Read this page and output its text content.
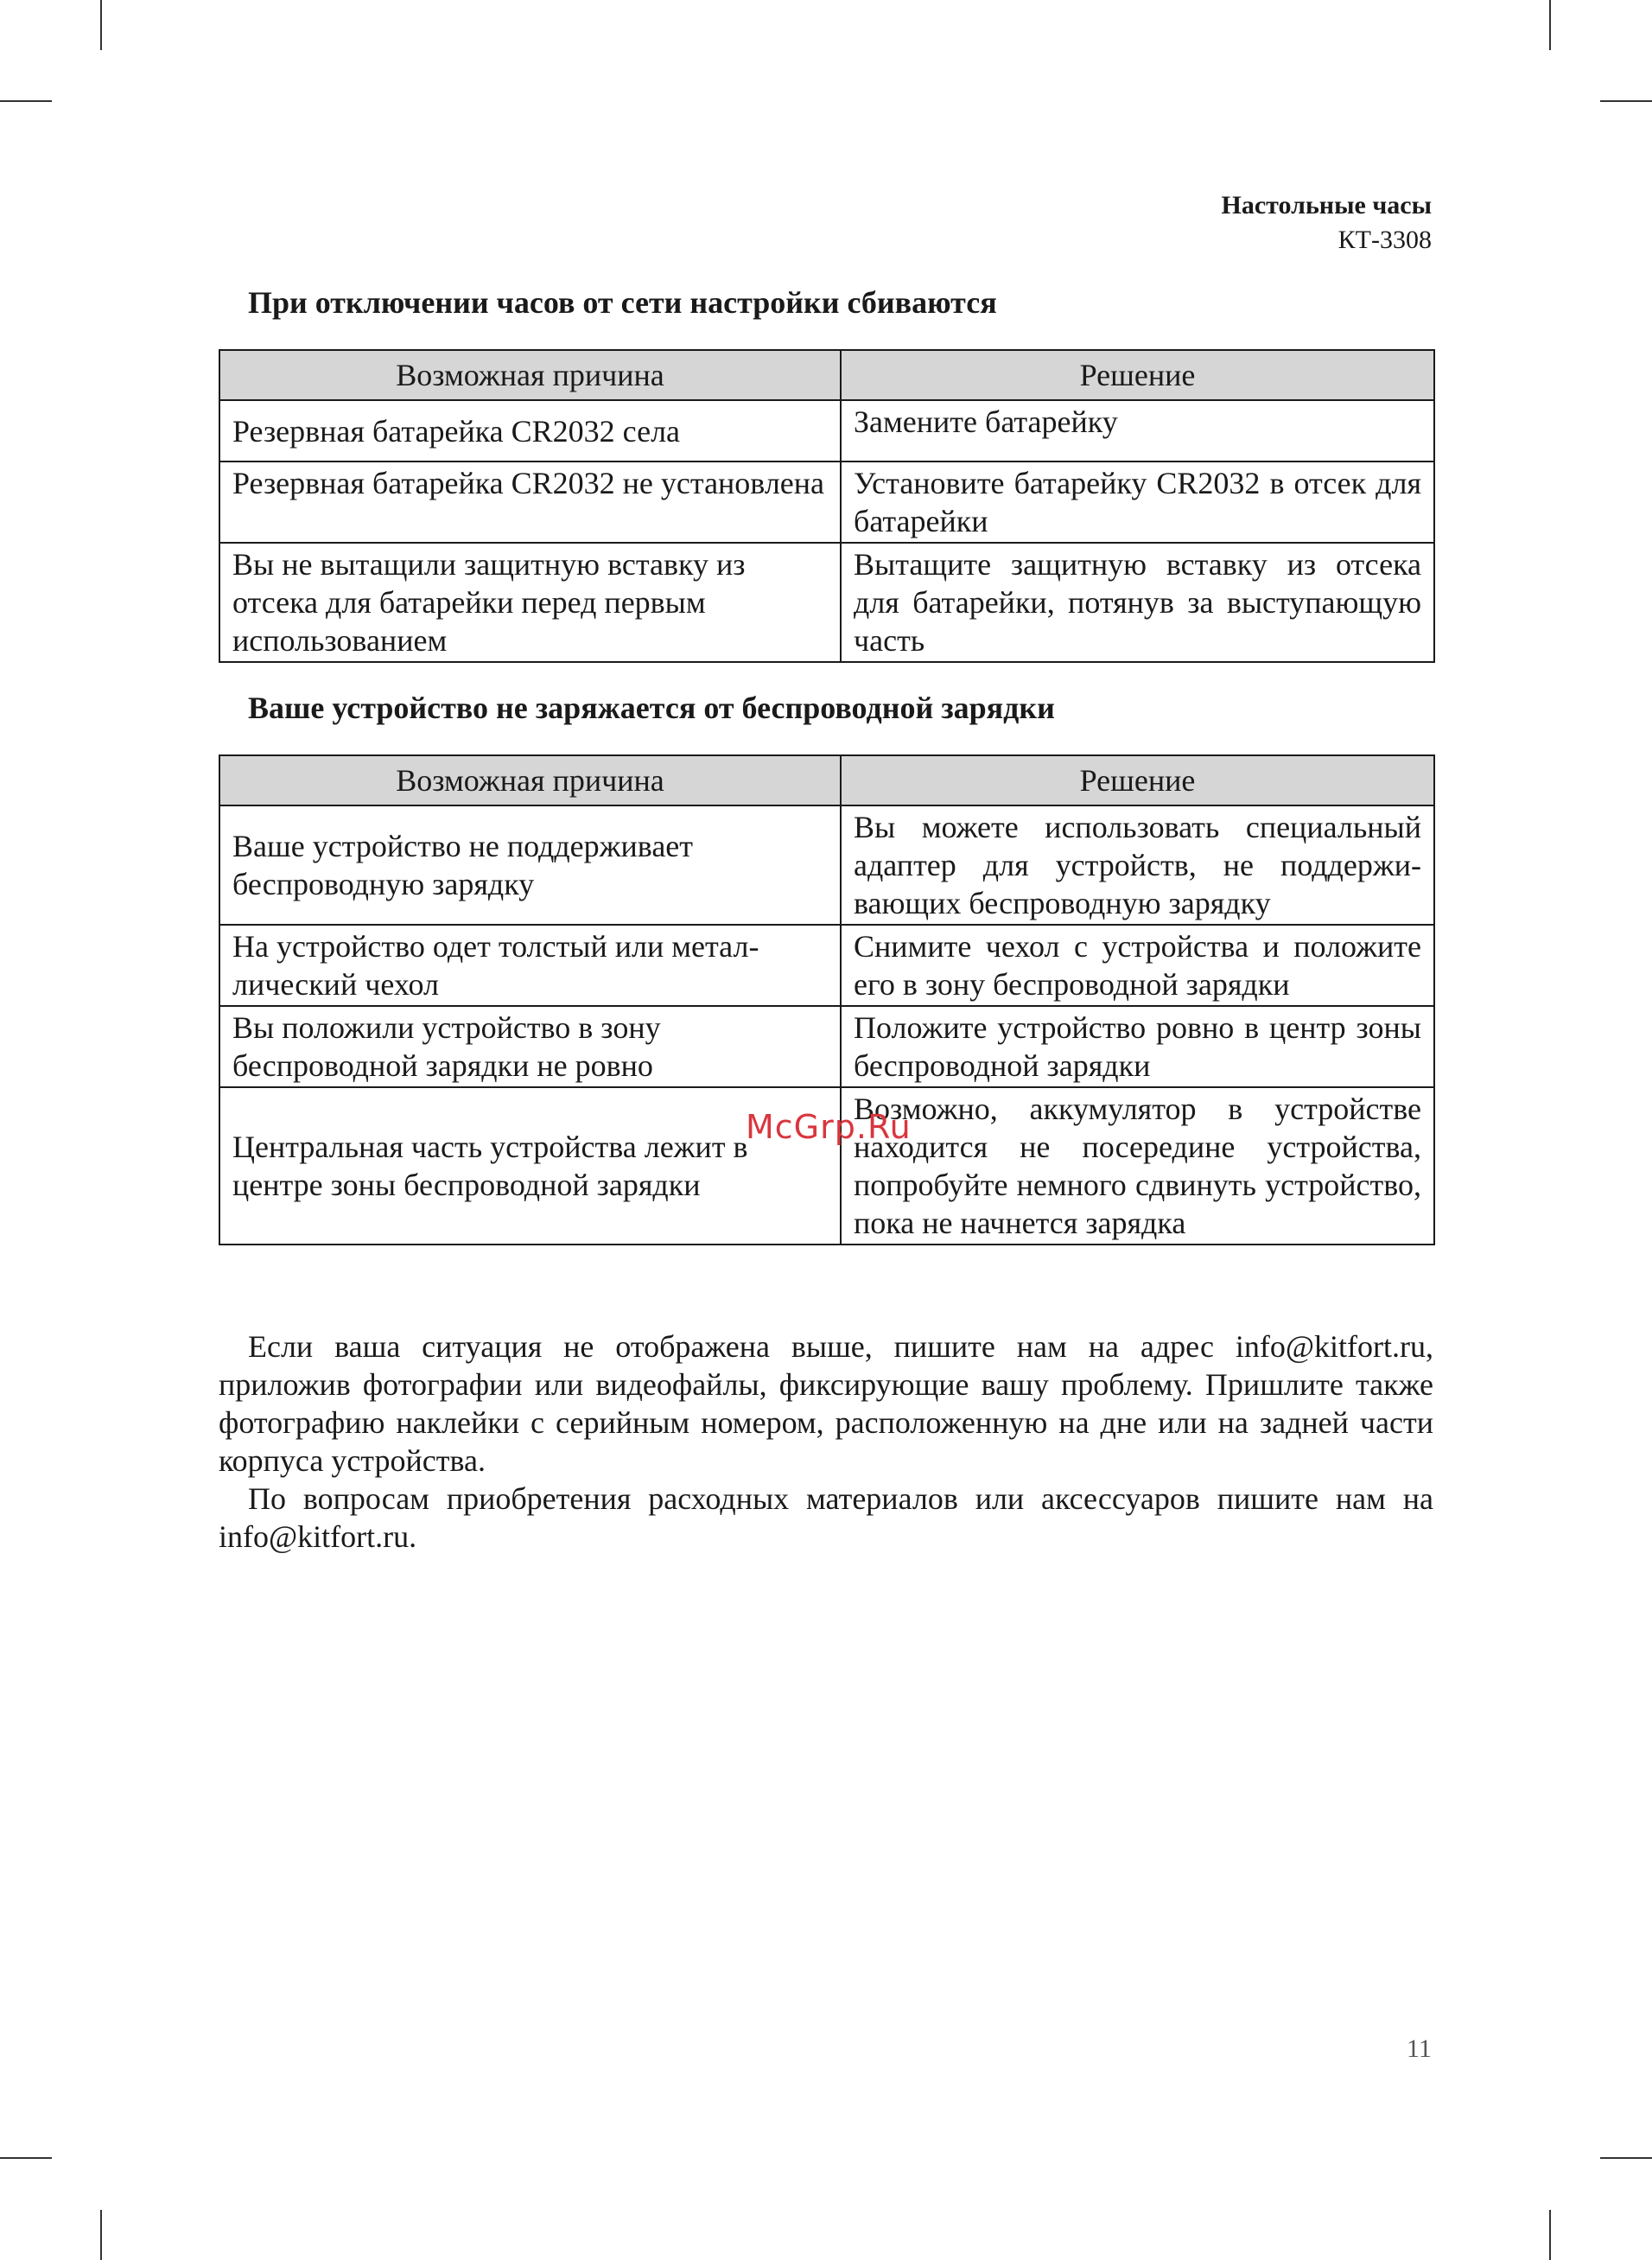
Настольные часы
КТ-3308
При отключении часов от сети настройки сбиваются
Возможная причина	Решение
Резервная батарейка CR2032 села	Замените батарейку
Резервная батарейка CR2032 не установлена	Установите батарейку CR2032 в отсек для батарейки
Вы не вытащили защитную вставку из отсека для батарейки перед первым использованием	Вытащите защитную вставку из отсека для батарейки, потянув за выступающую часть
Ваше устройство не заряжается от беспроводной зарядки
Возможная причина	Решение
Ваше устройство не поддерживает беспроводную зарядку	Вы можете использовать специальный адаптер для устройств, не поддерживающих беспроводную зарядку
На устройство одет толстый или металлический чехол	Снимите чехол с устройства и положите его в зону беспроводной зарядки
Вы положили устройство в зону беспроводной зарядки не ровно	Положите устройство ровно в центр зоны беспроводной зарядки
Центральная часть устройства лежит в центре зоны беспроводной зарядки	Возможно, аккумулятор в устройстве находится не посередине устройства, попробуйте немного сдвинуть устройство, пока не начнется зарядка
McGrp.Ru

Если ваша ситуация не отображена выше, пишите нам на адрес info@kitfort.ru, приложив фотографии или видеофайлы, фиксирующие вашу проблему. Пришлите также фотографию наклейки с серийным номером, расположенную на дне или на задней части корпуса устройства.

По вопросам приобретения расходных материалов или аксессуаров пишите нам на info@kitfort.ru.

11
